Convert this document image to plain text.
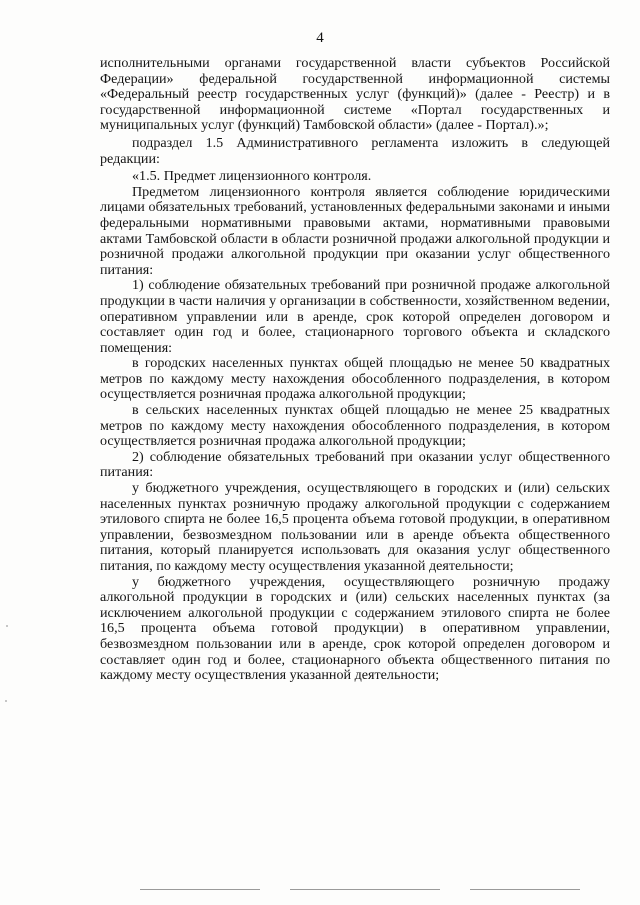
4

исполнительными органами государственной власти субъектов Российской Федерации» федеральной государственной информационной системы «Федеральный реестр государственных услуг (функций)» (далее - Реестр) и в государственной информационной системе «Портал государственных и муниципальных услуг (функций) Тамбовской области» (далее - Портал).»;

подраздел 1.5 Административного регламента изложить в следующей редакции:

«1.5. Предмет лицензионного контроля.

Предметом лицензионного контроля является соблюдение юридическими лицами обязательных требований, установленных федеральными законами и иными федеральными нормативными правовыми актами, нормативными правовыми актами Тамбовской области в области розничной продажи алкогольной продукции и розничной продажи алкогольной продукции при оказании услуг общественного питания:

1) соблюдение обязательных требований при розничной продаже алкогольной продукции в части наличия у организации в собственности, хозяйственном ведении, оперативном управлении или в аренде, срок которой определен договором и составляет один год и более, стационарного торгового объекта и складского помещения:

в городских населенных пунктах общей площадью не менее 50 квадратных метров по каждому месту нахождения обособленного подразделения, в котором осуществляется розничная продажа алкогольной продукции;

в сельских населенных пунктах общей площадью не менее 25 квадратных метров по каждому месту нахождения обособленного подразделения, в котором осуществляется розничная продажа алкогольной продукции;

2) соблюдение обязательных требований при оказании услуг общественного питания:

у бюджетного учреждения, осуществляющего в городских и (или) сельских населенных пунктах розничную продажу алкогольной продукции с содержанием этилового спирта не более 16,5 процента объема готовой продукции, в оперативном управлении, безвозмездном пользовании или в аренде объекта общественного питания, который планируется использовать для оказания услуг общественного питания, по каждому месту осуществления указанной деятельности;

у бюджетного учреждения, осуществляющего розничную продажу алкогольной продукции в городских и (или) сельских населенных пунктах (за исключением алкогольной продукции с содержанием этилового спирта не более 16,5 процента объема готовой продукции) в оперативном управлении, безвозмездном пользовании или в аренде, срок которой определен договором и составляет один год и более, стационарного объекта общественного питания по каждому месту осуществления указанной деятельности;
